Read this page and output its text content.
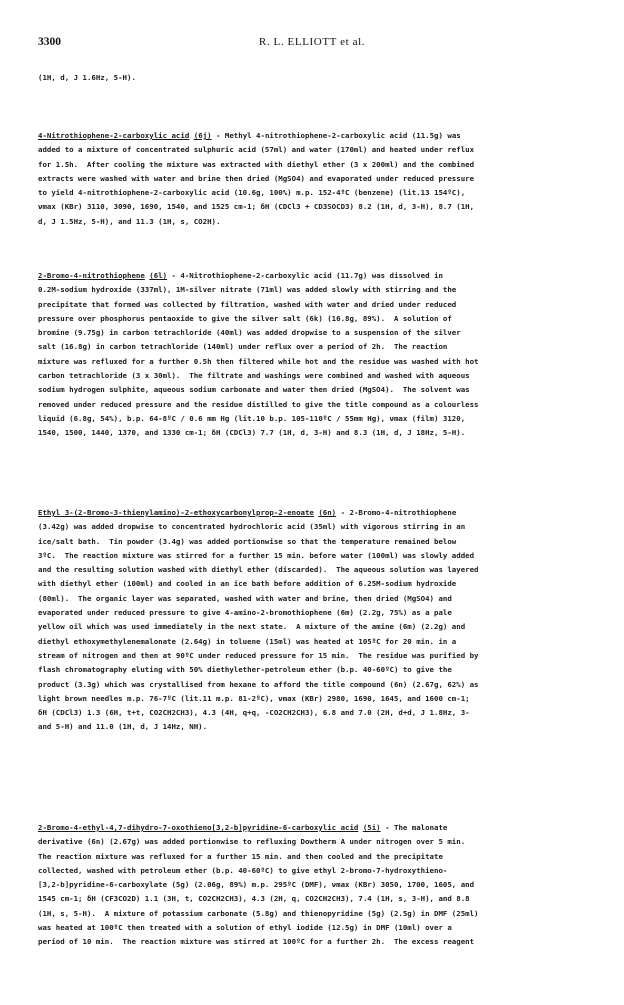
3300	R. L. ELLIOTT et al.
(1H, d, J 1.6Hz, 5-H).
4-Nitrothiophene-2-carboxylic acid (6j) - Methyl 4-nitrothiophene-2-carboxylic acid (11.5g) was
added to a mixture of concentrated sulphuric acid (57ml) and water (170ml) and heated under reflux
for 1.5h.  After cooling the mixture was extracted with diethyl ether (3 x 200ml) and the combined
extracts were washed with water and brine then dried (MgSO4) and evaporated under reduced pressure
to yield 4-nitrothiophene-2-carboxylic acid (10.6g, 100%) m.p. 152-4ºC (benzene) (lit.13 154ºC),
νmax (KBr) 3110, 3090, 1690, 1540, and 1525 cm-1; δH (CDCl3 + CD3SOCD3) 8.2 (1H, d, 3-H), 8.7 (1H,
d, J 1.5Hz, 5-H), and 11.3 (1H, s, CO2H).
2-Bromo-4-nitrothiophene (6l) - 4-Nitrothiophene-2-carboxylic acid (11.7g) was dissolved in
0.2M-sodium hydroxide (337ml), 1M-silver nitrate (71ml) was added slowly with stirring and the
precipitate that formed was collected by filtration, washed with water and dried under reduced
pressure over phosphorus pentaoxide to give the silver salt (6k) (16.8g, 89%).  A solution of
bromine (9.75g) in carbon tetrachloride (40ml) was added dropwise to a suspension of the silver
salt (16.8g) in carbon tetrachloride (140ml) under reflux over a period of 2h.  The reaction
mixture was refluxed for a further 0.5h then filtered while hot and the residue was washed with hot
carbon tetrachloride (3 x 30ml).  The filtrate and washings were combined and washed with aqueous
sodium hydrogen sulphite, aqueous sodium carbonate and water then dried (MgSO4).  The solvent was
removed under reduced pressure and the residue distilled to give the title compound as a colourless
liquid (6.8g, 54%), b.p. 64-8ºC / 0.6 mm Hg (lit.10 b.p. 105-110ºC / 55mm Hg), νmax (film) 3120,
1540, 1500, 1440, 1370, and 1330 cm-1; δH (CDCl3) 7.7 (1H, d, 3-H) and 8.3 (1H, d, J 18Hz, 5-H).
Ethyl 3-(2-Bromo-3-thienylamino)-2-ethoxycarbonylprop-2-enoate (6n) - 2-Bromo-4-nitrothiophene
(3.42g) was added dropwise to concentrated hydrochloric acid (35ml) with vigorous stirring in an
ice/salt bath.  Tin powder (3.4g) was added portionwise so that the temperature remained below
3ºC.  The reaction mixture was stirred for a further 15 min. before water (100ml) was slowly added
and the resulting solution washed with diethyl ether (discarded).  The aqueous solution was layered
with diethyl ether (100ml) and cooled in an ice bath before addition of 6.25M-sodium hydroxide
(80ml).  The organic layer was separated, washed with water and brine, then dried (MgSO4) and
evaporated under reduced pressure to give 4-amino-2-bromothiophene (6m) (2.2g, 75%) as a pale
yellow oil which was used immediately in the next state.  A mixture of the amine (6m) (2.2g) and
diethyl ethoxymethylenemalonate (2.64g) in toluene (15ml) was heated at 105ºC for 20 min. in a
stream of nitrogen and then at 90ºC under reduced pressure for 15 min.  The residue was purified by
flash chromatography eluting with 50% diethylether-petroleum ether (b.p. 40-60ºC) to give the
product (3.3g) which was crystallised from hexane to afford the title compound (6n) (2.67g, 62%) as
light brown needles m.p. 76-7ºC (lit.11 m.p. 81-2ºC), νmax (KBr) 2980, 1690, 1645, and 1600 cm-1;
δH (CDCl3) 1.3 (6H, t+t, CO2CH2CH3), 4.3 (4H, q+q, -CO2CH2CH3), 6.8 and 7.0 (2H, d+d, J 1.8Hz, 3-
and 5-H) and 11.0 (1H, d, J 14Hz, NH).
2-Bromo-4-ethyl-4,7-dihydro-7-oxothieno[3,2-b]pyridine-6-carboxylic acid (5i) - The malonate
derivative (6n) (2.67g) was added portionwise to refluxing Dowtherm A under nitrogen over 5 min.
The reaction mixture was refluxed for a further 15 min. and then cooled and the precipitate
collected, washed with petroleum ether (b.p. 40-60ºC) to give ethyl 2-bromo-7-hydroxythieno-
[3,2-b]pyridine-6-carboxylate (5g) (2.06g, 89%) m.p. 295ºC (DMF), νmax (KBr) 3050, 1700, 1605, and
1545 cm-1; δH (CF3CO2D) 1.1 (3H, t, CO2CH2CH3), 4.3 (2H, q, CO2CH2CH3), 7.4 (1H, s, 3-H), and 8.8
(1H, s, 5-H).  A mixture of potassium carbonate (5.8g) and thienopyridine (5g) (2.5g) in DMF (25ml)
was heated at 100ºC then treated with a solution of ethyl iodide (12.5g) in DMF (10ml) over a
period of 10 min.  The reaction mixture was stirred at 100ºC for a further 2h.  The excess reagent
